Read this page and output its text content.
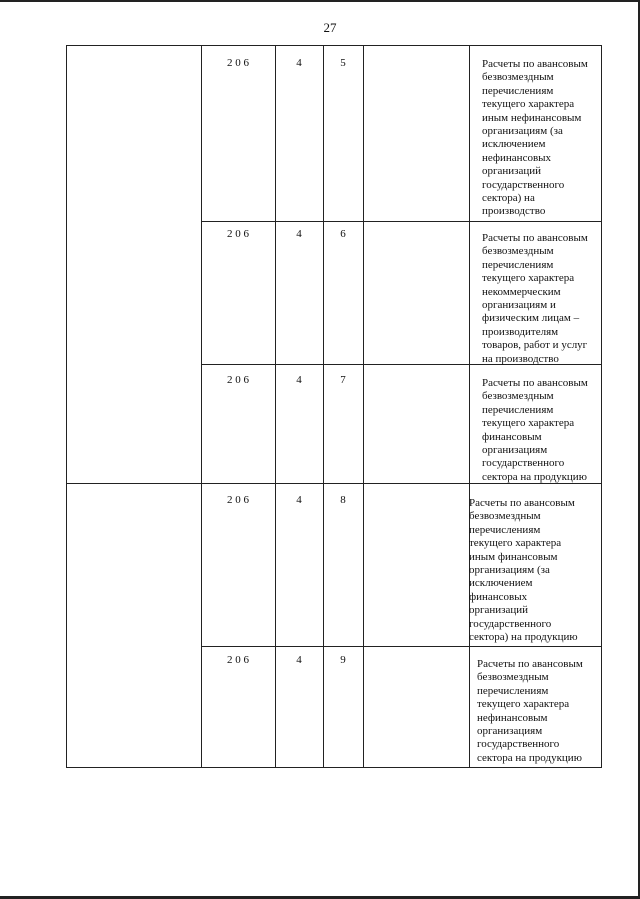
27
2 0 6	4	5	Расчеты по авансовым
безвозмездным
перечислениям
текущего характера
иным нефинансовым
организациям (за
исключением
нефинансовых
организаций
государственного
сектора) на
производство
2 0 6	4	6	Расчеты по авансовым
безвозмездным
перечислениям
текущего характера
некоммерческим
организациям и
физическим лицам –
производителям
товаров, работ и услуг
на производство
2 0 6	4	7	Расчеты по авансовым
безвозмездным
перечислениям
текущего характера
финансовым
организациям
государственного
сектора на продукцию
2 0 6	4	8	Расчеты по авансовым
безвозмездным
перечислениям
текущего характера
иным финансовым
организациям (за
исключением
финансовых
организаций
государственного
сектора) на продукцию
2 0 6	4	9	Расчеты по авансовым
безвозмездным
перечислениям
текущего характера
нефинансовым
организациям
государственного
сектора на продукцию
